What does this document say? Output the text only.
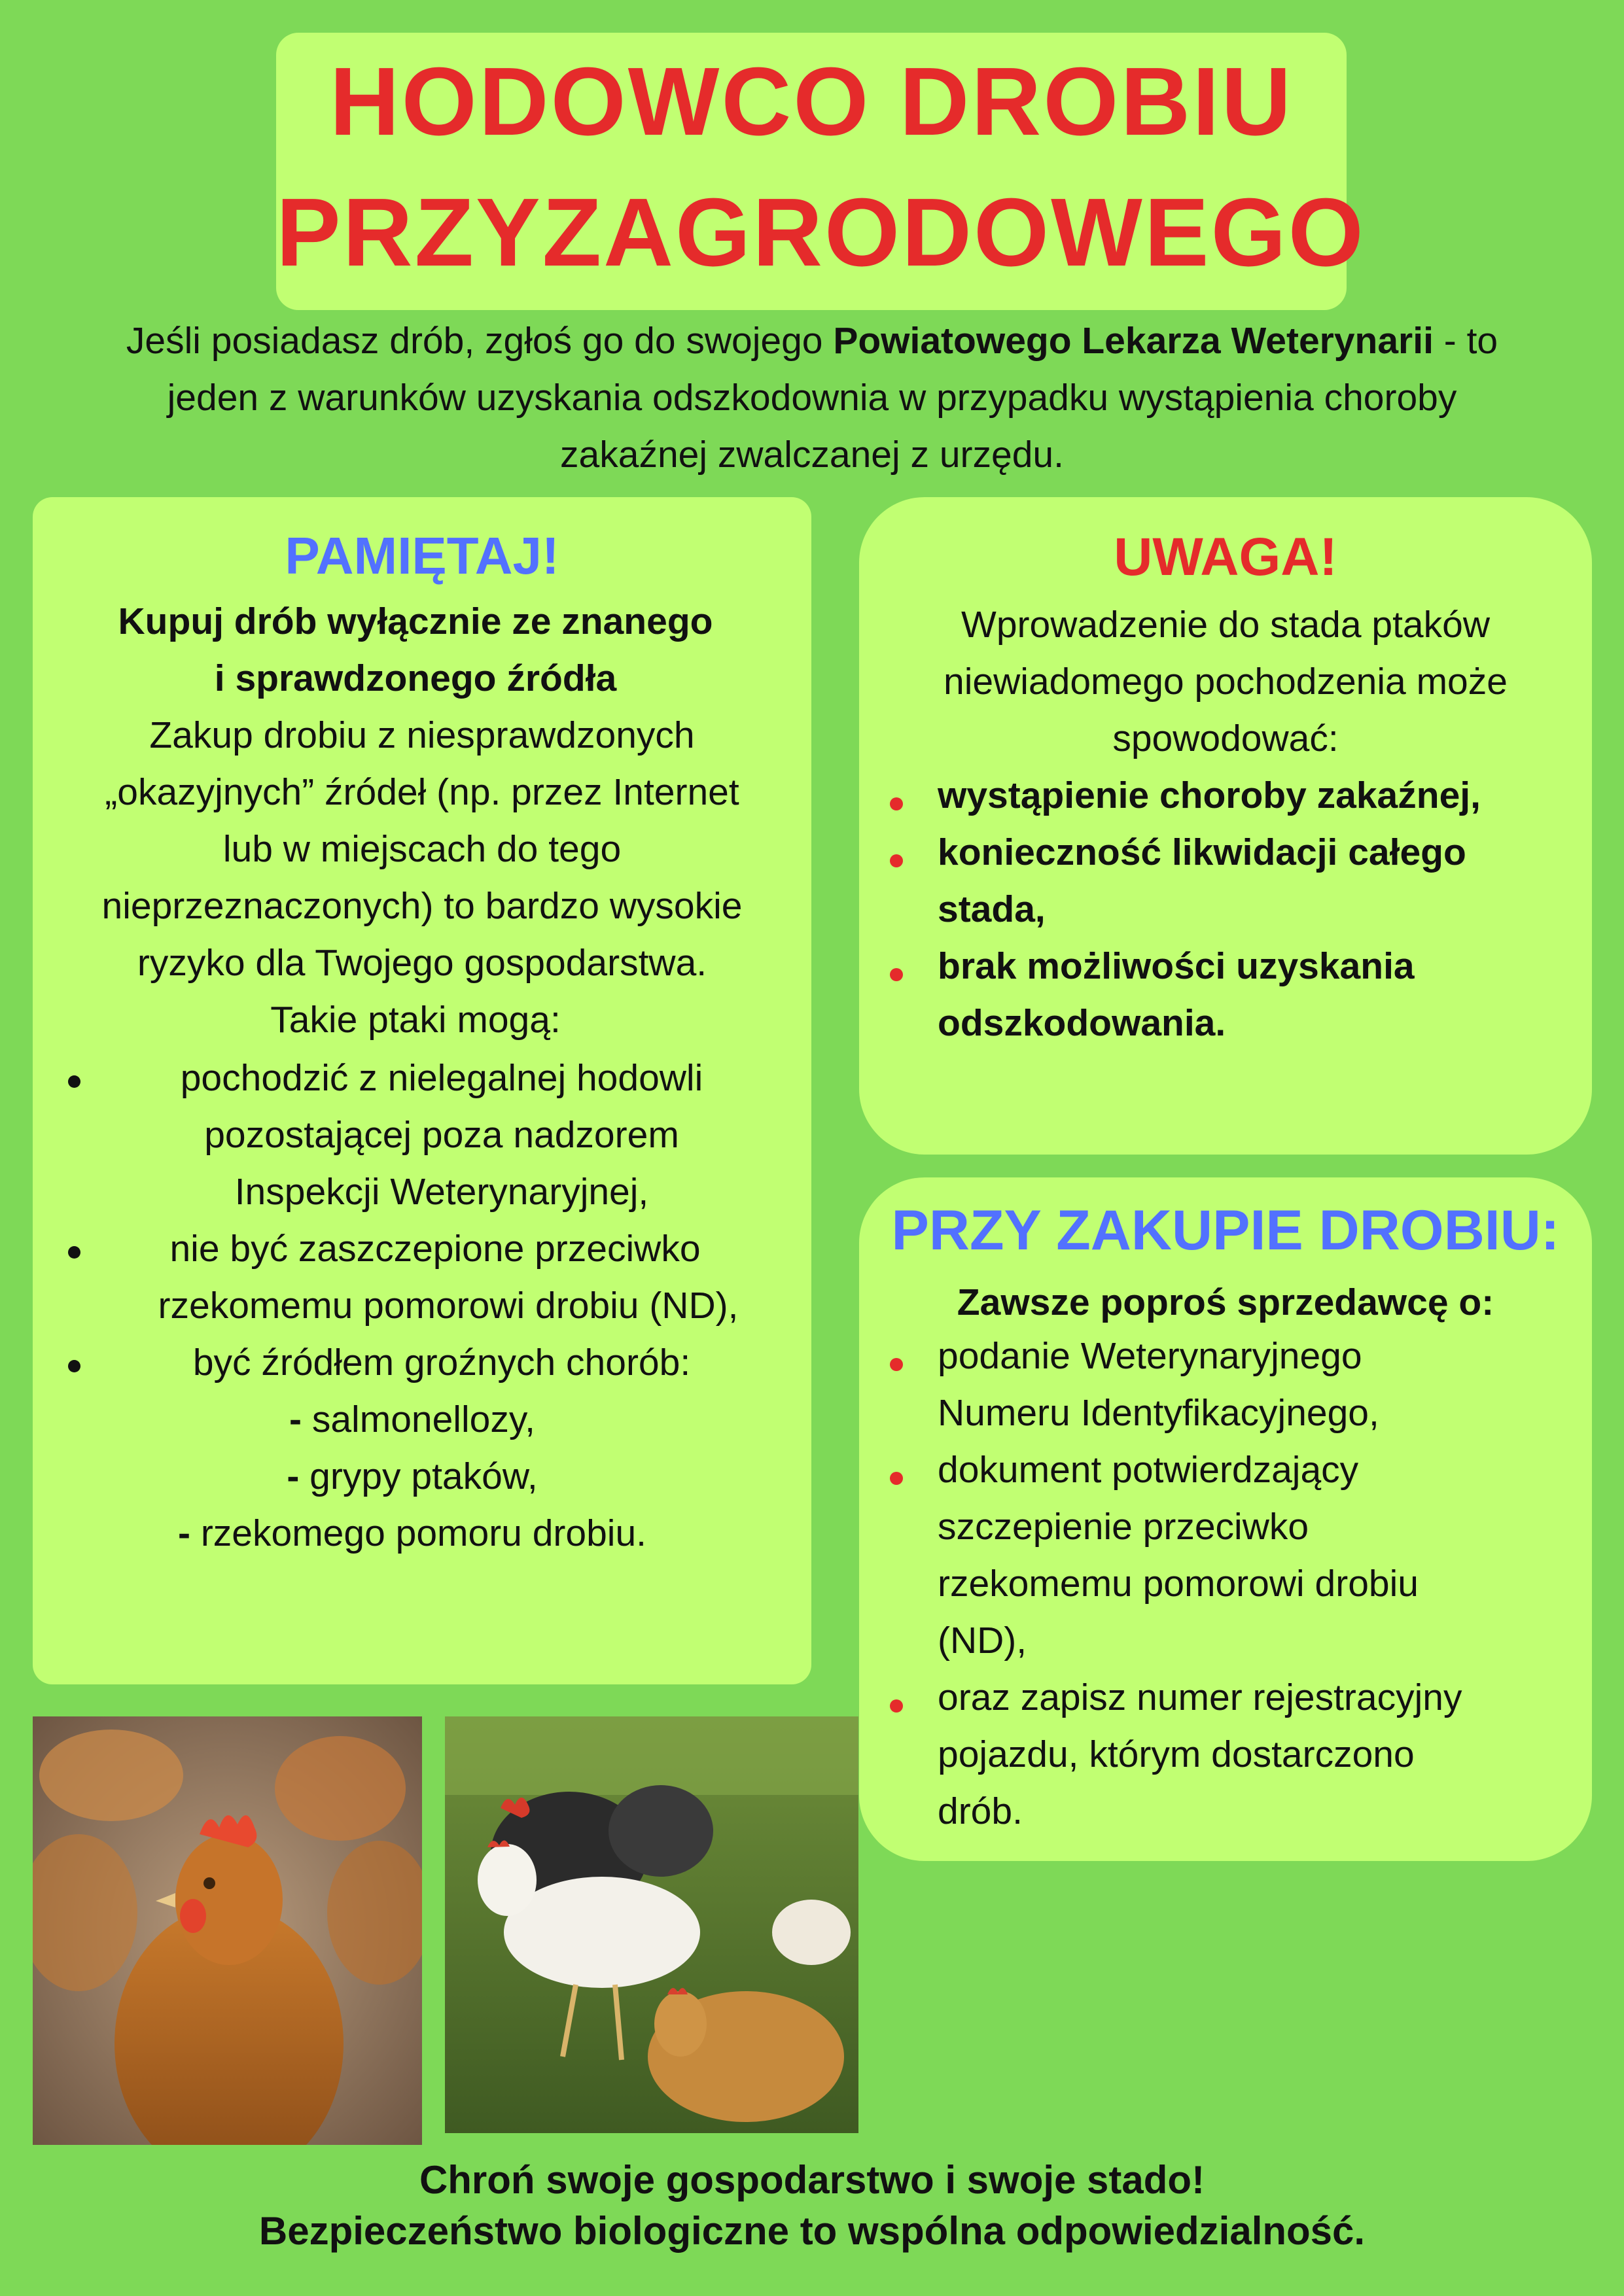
HODOWCO DROBIU
PRZYZAGRODOWEGO
Jeśli posiadasz drób, zgłoś go do swojego Powiatowego Lekarza Weterynarii - to
jeden z warunków uzyskania odszkodownia w przypadku wystąpienia choroby
zakaźnej zwalczanej z urzędu.
PAMIĘTAJ!
Kupuj drób wyłącznie ze znanego
i sprawdzonego źródła
Zakup drobiu z niesprawdzonych
„okazyjnych” źródeł (np. przez Internet
lub w miejscach do tego
nieprzeznaczonych) to bardzo wysokie
ryzyko dla Twojego gospodarstwa.
Takie ptaki mogą:
pochodzić z nielegalnej hodowli
pozostającej poza nadzorem
Inspekcji Weterynaryjnej,
nie być zaszczepione przeciwko
rzekomemu pomorowi drobiu (ND),
być źródłem groźnych chorób:
- salmonellozy,
- grypy ptaków,
- rzekomego pomoru drobiu.
UWAGA!
Wprowadzenie do stada ptaków
niewiadomego pochodzenia może
spowodować:
wystąpienie choroby zakaźnej,
konieczność likwidacji całego
stada,
brak możliwości uzyskania
odszkodowania.
PRZY ZAKUPIE DROBIU:
Zawsze poproś sprzedawcę o:
podanie Weterynaryjnego
Numeru Identyfikacyjnego,
dokument potwierdzający
szczepienie przeciwko
rzekomemu pomorowi drobiu
(ND),
oraz zapisz numer rejestracyjny
pojazdu, którym dostarczono
drób.
Chroń swoje gospodarstwo i swoje stado!
Bezpieczeństwo biologiczne to wspólna odpowiedzialność.
